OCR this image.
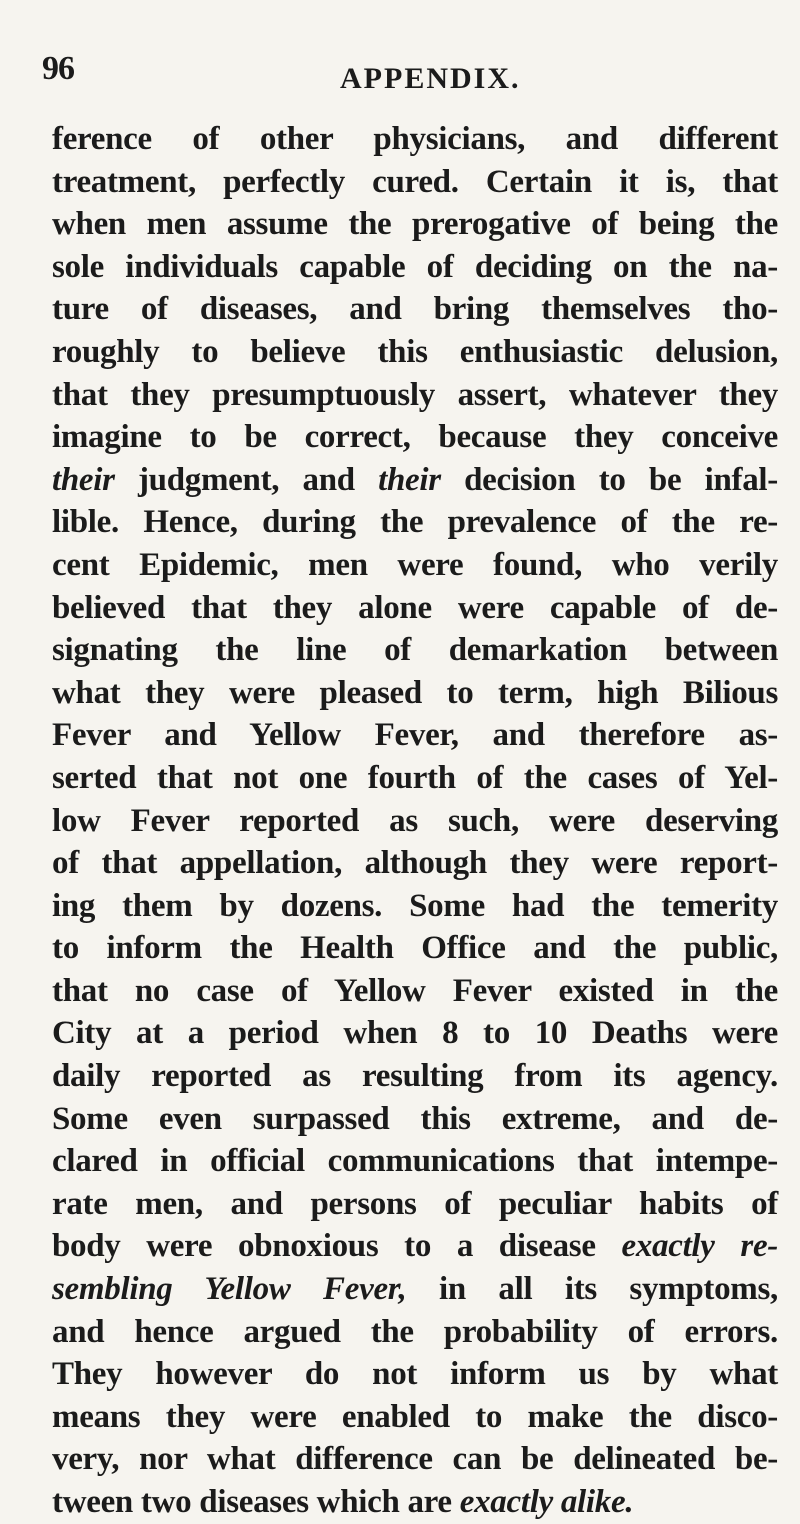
96	APPENDIX.
ference of other physicians, and different
treatment, perfectly cured. Certain it is, that
when men assume the prerogative of being the
sole individuals capable of deciding on the na-
ture of diseases, and bring themselves tho-
roughly to believe this enthusiastic delusion,
that they presumptuously assert, whatever they
imagine to be correct, because they conceive
their judgment, and their decision to be infal-
lible. Hence, during the prevalence of the re-
cent Epidemic, men were found, who verily
believed that they alone were capable of de-
signating the line of demarkation between
what they were pleased to term, high Bilious
Fever and Yellow Fever, and therefore as-
serted that not one fourth of the cases of Yel-
low Fever reported as such, were deserving
of that appellation, although they were report-
ing them by dozens. Some had the temerity
to inform the Health Office and the public,
that no case of Yellow Fever existed in the
City at a period when 8 to 10 Deaths were
daily reported as resulting from its agency.
Some even surpassed this extreme, and de-
clared in official communications that intempe-
rate men, and persons of peculiar habits of
body were obnoxious to a disease exactly re-
sembling Yellow Fever, in all its symptoms,
and hence argued the probability of errors.
They however do not inform us by what
means they were enabled to make the disco-
very, nor what difference can be delineated be-
tween two diseases which are exactly alike.
